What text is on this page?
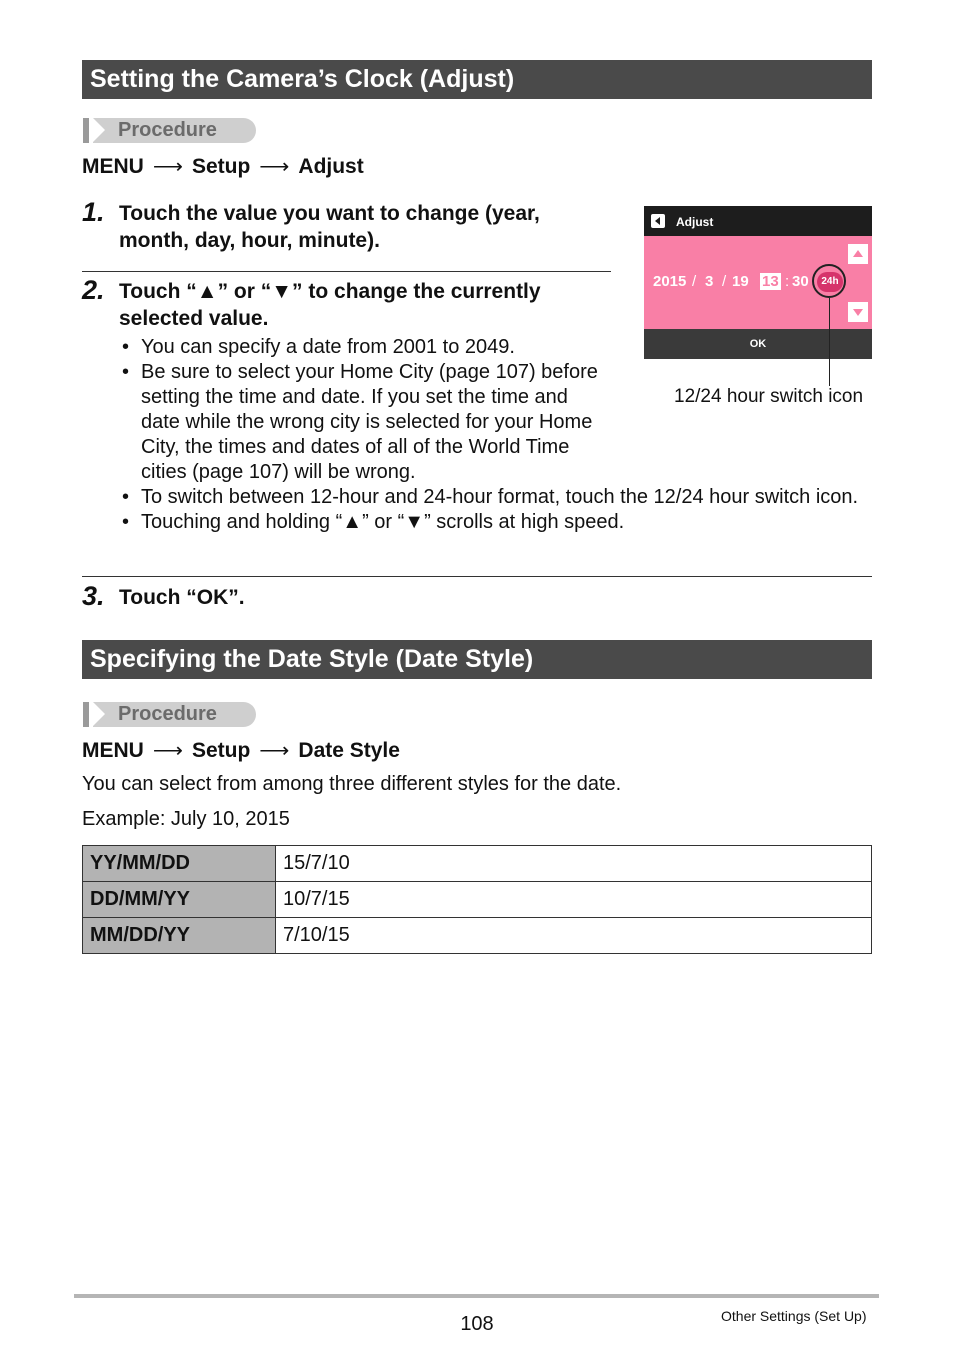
Setting the Camera’s Clock (Adjust)
Procedure
MENU ⟶ Setup ⟶ Adjust
1. Touch the value you want to change (year, month, day, hour, minute).
2. Touch “▲” or “▼” to change the currently selected value.
• You can specify a date from 2001 to 2049.
• Be sure to select your Home City (page 107) before setting the time and date. If you set the time and date while the wrong city is selected for your Home City, the times and dates of all of the World Time cities (page 107) will be wrong.
• To switch between 12-hour and 24-hour format, touch the 12/24 hour switch icon.
• Touching and holding “▲” or “▼” scrolls at high speed.
3. Touch “OK”.
Adjust
2015 / 3 / 19 13 : 30	24h
OK
12/24 hour switch icon
Specifying the Date Style (Date Style)
Procedure
MENU ⟶ Setup ⟶ Date Style
You can select from among three different styles for the date.
Example: July 10, 2015
YY/MM/DD	15/7/10
DD/MM/YY	10/7/15
MM/DD/YY	7/10/15
108	Other Settings (Set Up)
